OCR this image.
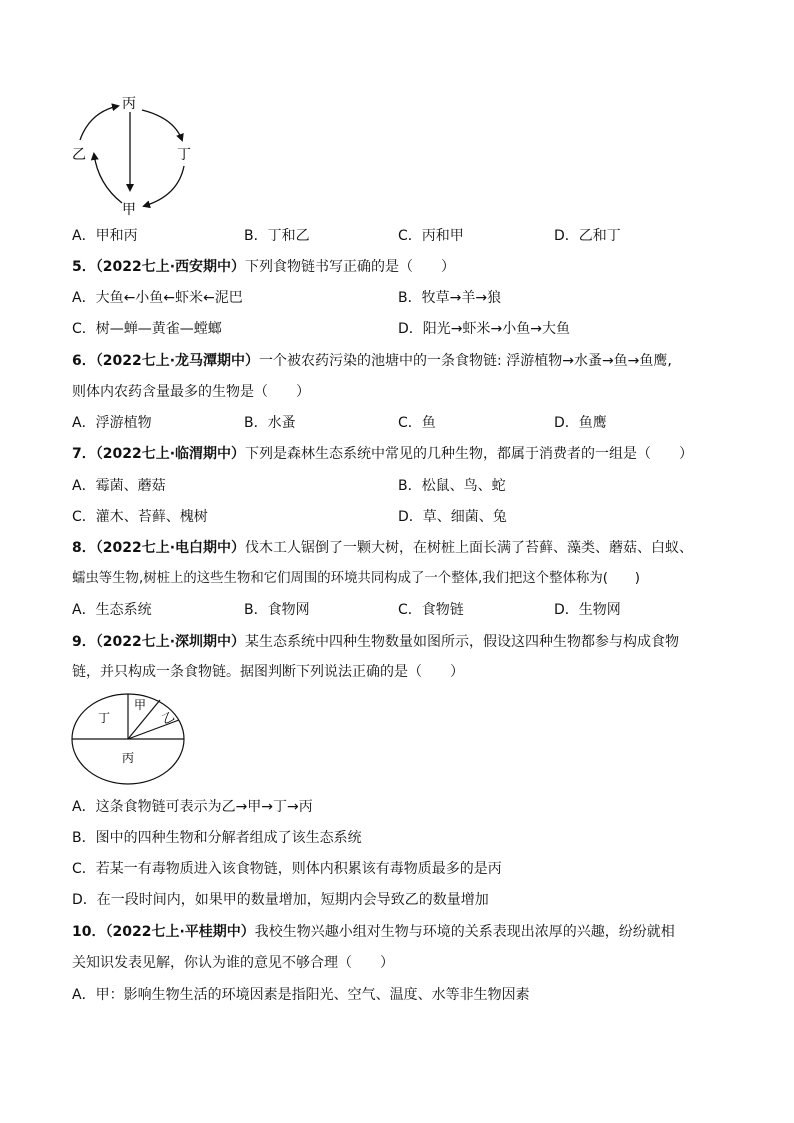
丙
丁
乙
甲
A．甲和丙	B．丁和乙	C．丙和甲	D．乙和丁
5．（2022七上·西安期中）下列食物链书写正确的是（　　）
A．大鱼←小鱼←虾米←泥巴	B．牧草→羊→狼
C．树—蝉—黄雀—螳螂	D．阳光→虾米→小鱼→大鱼
6．（2022七上·龙马潭期中）一个被农药污染的池塘中的一条食物链: 浮游植物→水蚤→鱼→鱼鹰,
则体内农药含量最多的生物是（　　）
A．浮游植物	B．水蚤	C．鱼	D．鱼鹰
7．（2022七上·临渭期中）下列是森林生态系统中常见的几种生物，都属于消费者的一组是（　　）
A．霉菌、蘑菇	B．松鼠、鸟、蛇
C．灌木、苔藓、槐树	D．草、细菌、兔
8．（2022七上·电白期中）伐木工人锯倒了一颗大树，在树桩上面长满了苔藓、藻类、蘑菇、白蚁、
蠕虫等生物,树桩上的这些生物和它们周围的环境共同构成了一个整体,我们把这个整体称为(　　)
A．生态系统	B．食物网	C．食物链	D．生物网
9．（2022七上·深圳期中）某生态系统中四种生物数量如图所示，假设这四种生物都参与构成食物
链，并只构成一条食物链。据图判断下列说法正确的是（　　）
甲
乙
丁
丙
A．这条食物链可表示为乙→甲→丁→丙
B．图中的四种生物和分解者组成了该生态系统
C．若某一有毒物质进入该食物链，则体内积累该有毒物质最多的是丙
D．在一段时间内，如果甲的数量增加，短期内会导致乙的数量增加
10．（2022七上·平桂期中）我校生物兴趣小组对生物与环境的关系表现出浓厚的兴趣，纷纷就相
关知识发表见解，你认为谁的意见不够合理（　　）
A．甲：影响生物生活的环境因素是指阳光、空气、温度、水等非生物因素
